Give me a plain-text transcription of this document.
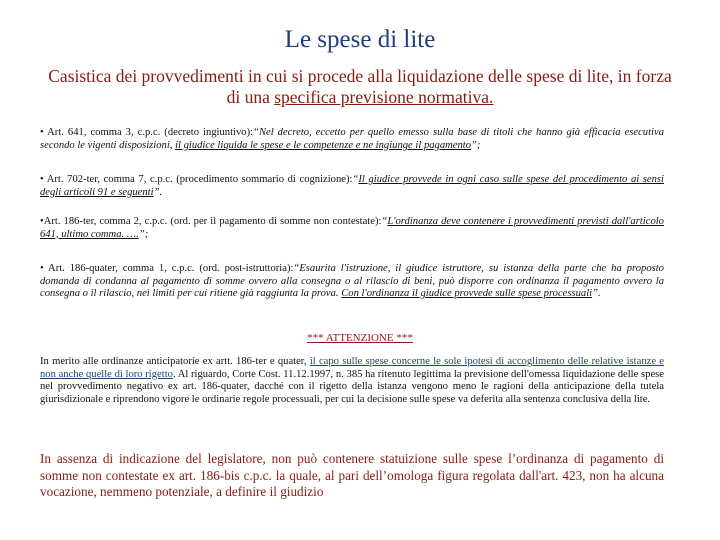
Le spese di lite
Casistica dei provvedimenti in cui si procede alla liquidazione delle spese di lite, in forza di una specifica previsione normativa.
• Art. 641, comma 3, c.p.c. (decreto ingiuntivo):“Nel decreto, eccetto per quello emesso sulla base di titoli che hanno già efficacia esecutiva secondo le vigenti disposizioni, il giudice liquida le spese e le competenze e ne ingiunge il pagamento”;
• Art. 702-ter, comma 7, c.p.c. (procedimento sommario di cognizione):“Il giudice provvede in ogni caso sulle spese del procedimento ai sensi degli articoli 91 e seguenti”.
•Art. 186-ter, comma 2, c.p.c. (ord. per il pagamento di somme non contestate):“L'ordinanza deve contenere i provvedimenti previsti dall'articolo 641, ultimo comma. ….”;
• Art. 186-quater, comma 1, c.p.c. (ord. post-istruttoria):“Esaurita l'istruzione, il giudice istruttore, su istanza della parte che ha proposto domanda di condanna al pagamento di somme ovvero alla consegna o al rilascio di beni, può disporre con ordinanza il pagamento ovvero la consegna o il rilascio, nei limiti per cui ritiene già raggiunta la prova. Con l'ordinanza il giudice provvede sulle spese processuali”.
*** ATTENZIONE ***
In merito alle ordinanze anticipatorie ex artt. 186-ter e quater, il capo sulle spese concerne le sole ipotesi di accoglimento delle relative istanze e non anche quelle di loro rigetto. Al riguardo, Corte Cost. 11.12.1997, n. 385 ha ritenuto legittima la previsione dell'omessa liquidazione delle spese nel provvedimento negativo ex art. 186-quater, dacché con il rigetto della istanza vengono meno le ragioni della anticipazione della tutela giurisdizionale e riprendono vigore le ordinarie regole processuali, per cui la decisione sulle spese va deferita alla sentenza conclusiva della lite.
In assenza di indicazione del legislatore, non può contenere statuizione sulle spese l’ordinanza di pagamento di somme non contestate ex art. 186-bis c.p.c. la quale, al pari dell’omologa figura regolata dall'art. 423, non ha alcuna vocazione, nemmeno potenziale, a definire il giudizio
